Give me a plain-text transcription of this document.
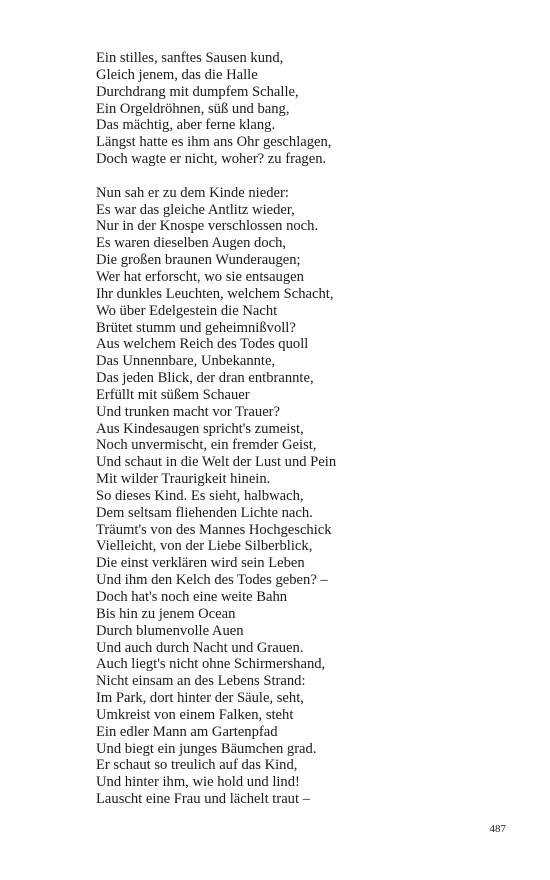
Ein stilles, sanftes Sausen kund,
Gleich jenem, das die Halle
Durchdrang mit dumpfem Schalle,
Ein Orgeldröhnen, süß und bang,
Das mächtig, aber ferne klang.
Längst hatte es ihm ans Ohr geschlagen,
Doch wagte er nicht, woher? zu fragen.
Nun sah er zu dem Kinde nieder:
Es war das gleiche Antlitz wieder,
Nur in der Knospe verschlossen noch.
Es waren dieselben Augen doch,
Die großen braunen Wunderaugen;
Wer hat erforscht, wo sie entsaugen
Ihr dunkles Leuchten, welchem Schacht,
Wo über Edelgestein die Nacht
Brütet stumm und geheimnißvoll?
Aus welchem Reich des Todes quoll
Das Unnennbare, Unbekannte,
Das jeden Blick, der dran entbrannte,
Erfüllt mit süßem Schauer
Und trunken macht vor Trauer?
Aus Kindesaugen spricht's zumeist,
Noch unvermischt, ein fremder Geist,
Und schaut in die Welt der Lust und Pein
Mit wilder Traurigkeit hinein.
So dieses Kind. Es sieht, halbwach,
Dem seltsam fliehenden Lichte nach.
Träumt's von des Mannes Hochgeschick
Vielleicht, von der Liebe Silberblick,
Die einst verklären wird sein Leben
Und ihm den Kelch des Todes geben? –
Doch hat's noch eine weite Bahn
Bis hin zu jenem Ocean
Durch blumenvolle Auen
Und auch durch Nacht und Grauen.
Auch liegt's nicht ohne Schirmershand,
Nicht einsam an des Lebens Strand:
Im Park, dort hinter der Säule, seht,
Umkreist von einem Falken, steht
Ein edler Mann am Gartenpfad
Und biegt ein junges Bäumchen grad.
Er schaut so treulich auf das Kind,
Und hinter ihm, wie hold und lind!
Lauscht eine Frau und lächelt traut –
487
